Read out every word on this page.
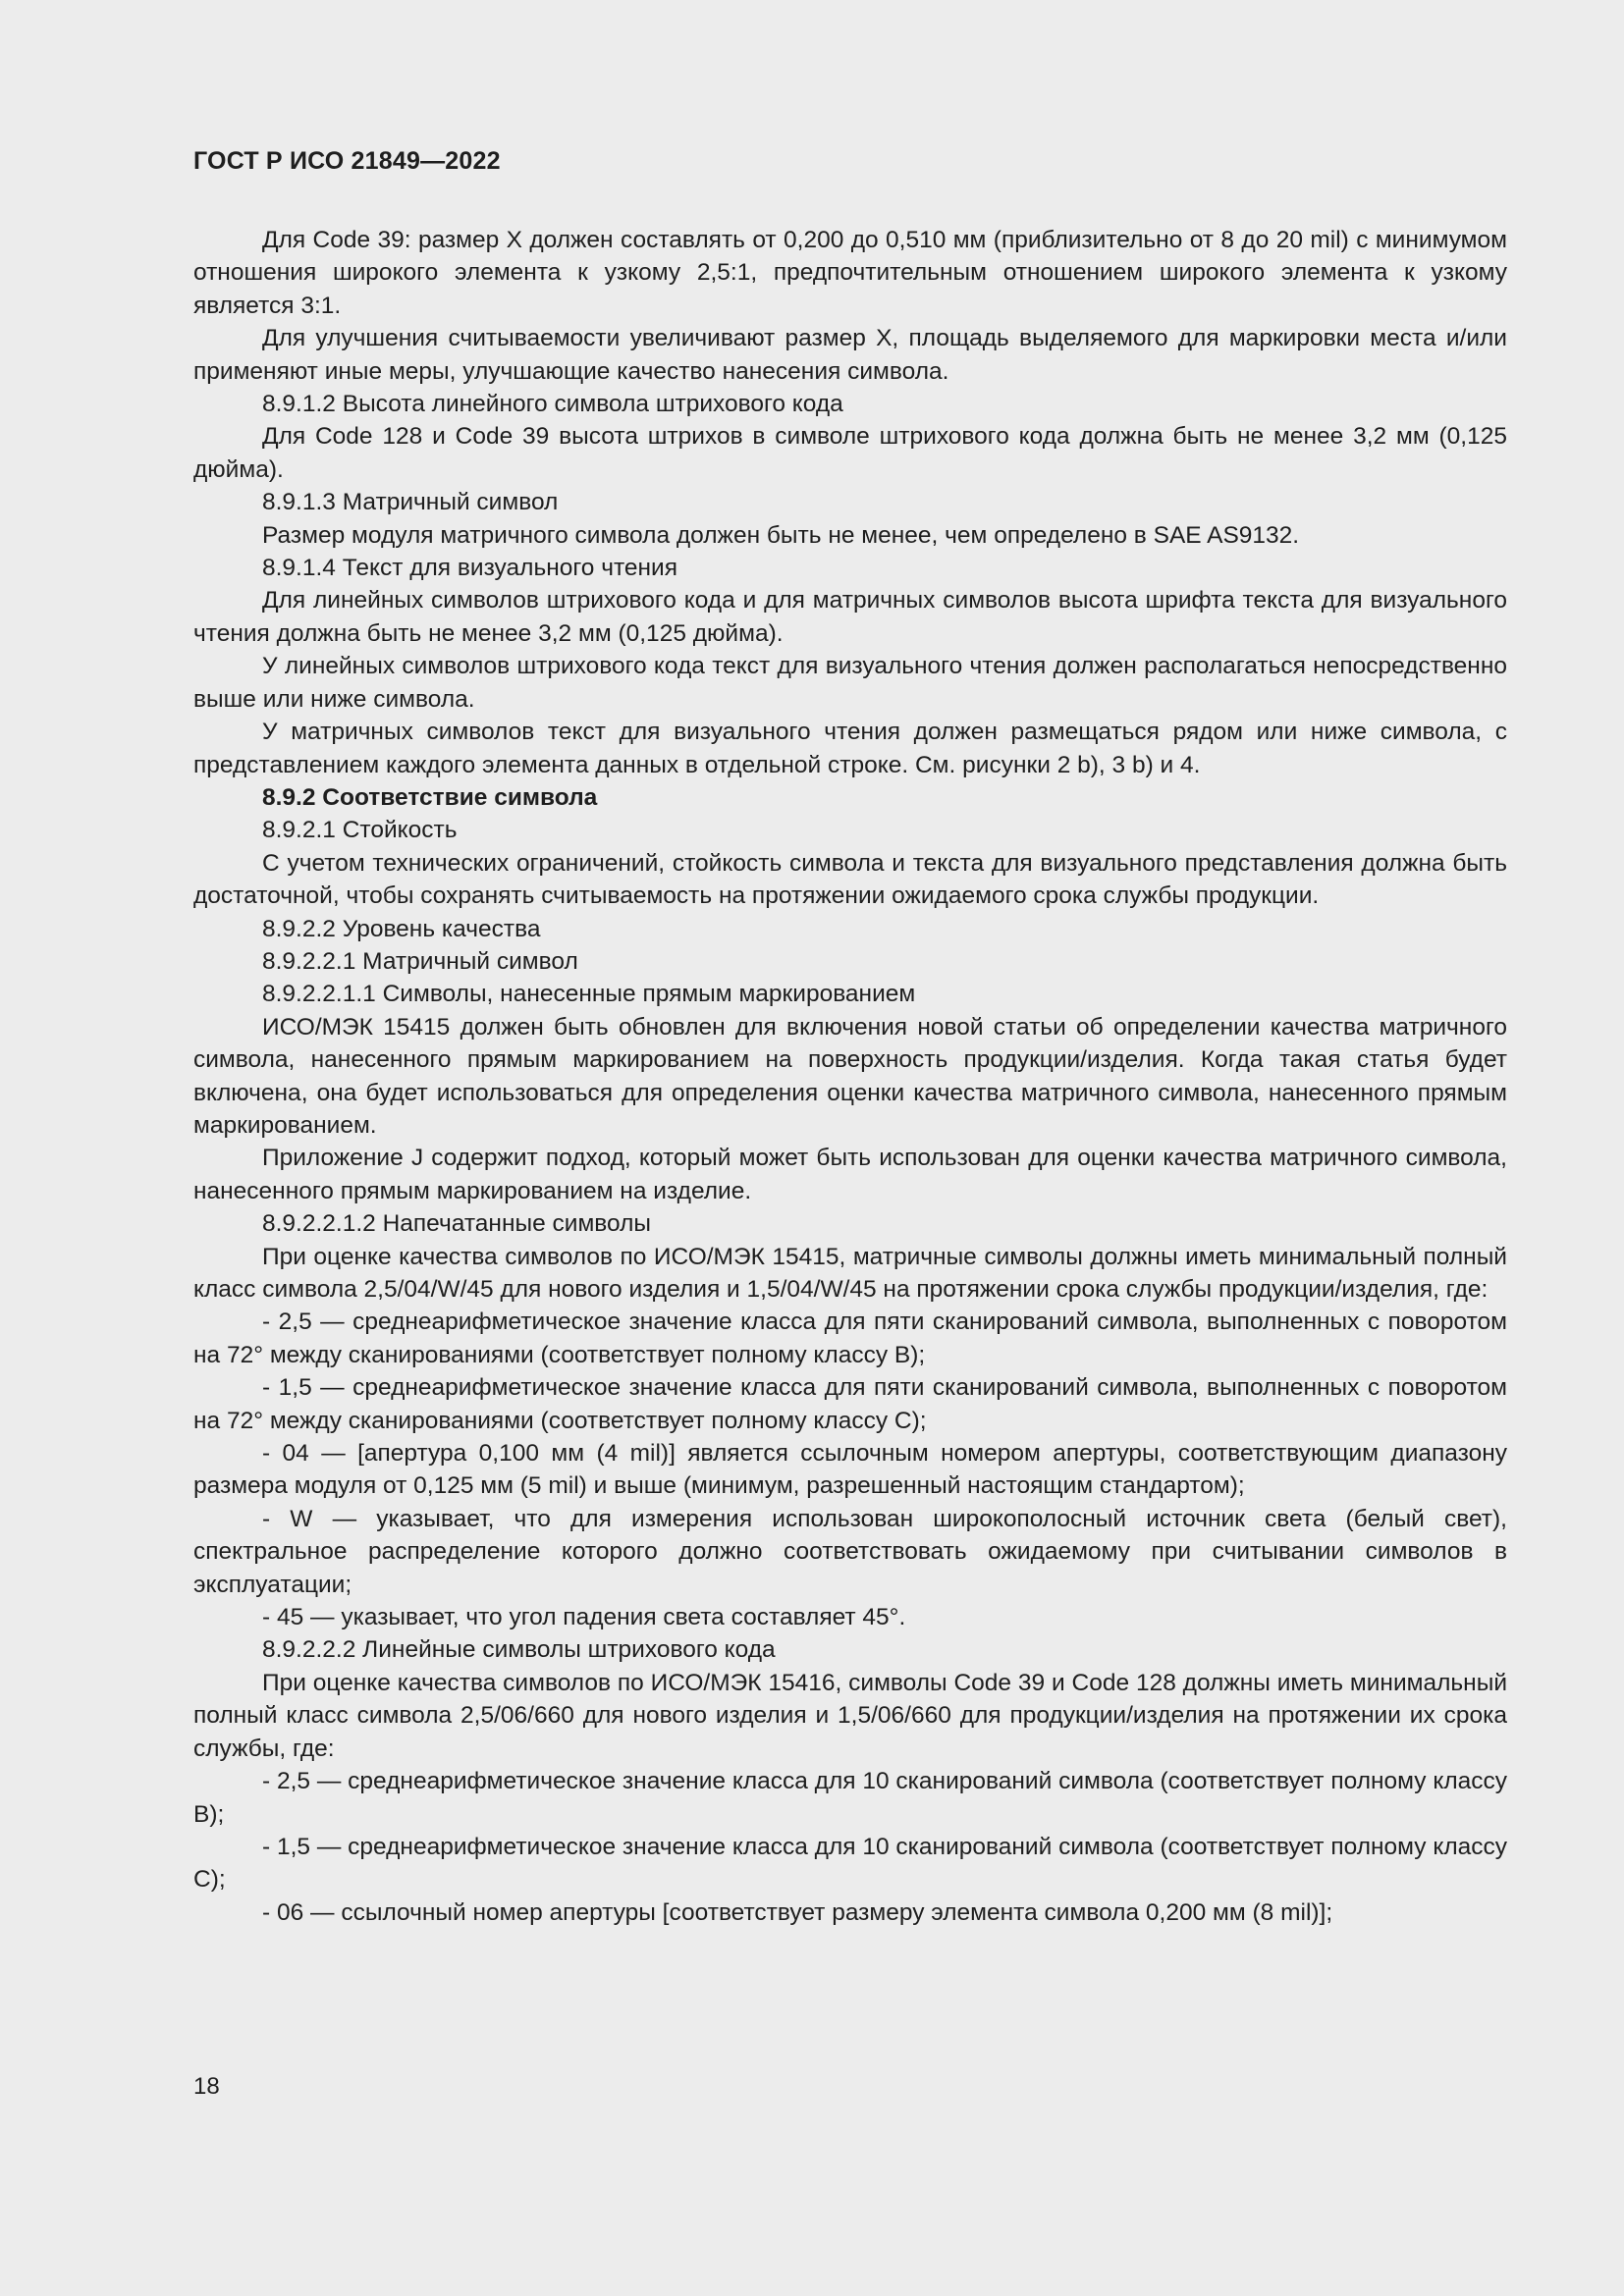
ГОСТ Р ИСО 21849—2022

Для Code 39: размер X должен составлять от 0,200 до 0,510 мм (приблизительно от 8 до 20 mil) с минимумом отношения широкого элемента к узкому 2,5:1, предпочтительным отношением широкого элемента к узкому является 3:1.

Для улучшения считываемости увеличивают размер X, площадь выделяемого для маркировки места и/или применяют иные меры, улучшающие качество нанесения символа.

8.9.1.2 Высота линейного символа штрихового кода

Для Code 128 и Code 39 высота штрихов в символе штрихового кода должна быть не менее 3,2 мм (0,125 дюйма).

8.9.1.3 Матричный символ

Размер модуля матричного символа должен быть не менее, чем определено в SAE AS9132.

8.9.1.4 Текст для визуального чтения

Для линейных символов штрихового кода и для матричных символов высота шрифта текста для визуального чтения должна быть не менее 3,2 мм (0,125 дюйма).

У линейных символов штрихового кода текст для визуального чтения должен располагаться непосредственно выше или ниже символа.

У матричных символов текст для визуального чтения должен размещаться рядом или ниже символа, с представлением каждого элемента данных в отдельной строке. См. рисунки 2 b), 3 b) и 4.

8.9.2 Соответствие символа

8.9.2.1 Стойкость

С учетом технических ограничений, стойкость символа и текста для визуального представления должна быть достаточной, чтобы сохранять считываемость на протяжении ожидаемого срока службы продукции.

8.9.2.2 Уровень качества

8.9.2.2.1 Матричный символ

8.9.2.2.1.1 Символы, нанесенные прямым маркированием

ИСО/МЭК 15415 должен быть обновлен для включения новой статьи об определении качества матричного символа, нанесенного прямым маркированием на поверхность продукции/изделия. Когда такая статья будет включена, она будет использоваться для определения оценки качества матричного символа, нанесенного прямым маркированием.

Приложение J содержит подход, который может быть использован для оценки качества матричного символа, нанесенного прямым маркированием на изделие.

8.9.2.2.1.2 Напечатанные символы

При оценке качества символов по ИСО/МЭК 15415, матричные символы должны иметь минимальный полный класс символа 2,5/04/W/45 для нового изделия и 1,5/04/W/45 на протяжении срока службы продукции/изделия, где:

- 2,5 — среднеарифметическое значение класса для пяти сканирований символа, выполненных с поворотом на 72° между сканированиями (соответствует полному классу B);

- 1,5 — среднеарифметическое значение класса для пяти сканирований символа, выполненных с поворотом на 72° между сканированиями (соответствует полному классу C);

- 04 — [апертура 0,100 мм (4 mil)] является ссылочным номером апертуры, соответствующим диапазону размера модуля от 0,125 мм (5 mil) и выше (минимум, разрешенный настоящим стандартом);

- W — указывает, что для измерения использован широкополосный источник света (белый свет), спектральное распределение которого должно соответствовать ожидаемому при считывании символов в эксплуатации;

- 45 — указывает, что угол падения света составляет 45°.

8.9.2.2.2 Линейные символы штрихового кода

При оценке качества символов по ИСО/МЭК 15416, символы Code 39 и Code 128 должны иметь минимальный полный класс символа 2,5/06/660 для нового изделия и 1,5/06/660 для продукции/изделия на протяжении их срока службы, где:

- 2,5 — среднеарифметическое значение класса для 10 сканирований символа (соответствует полному классу B);

- 1,5 — среднеарифметическое значение класса для 10 сканирований символа (соответствует полному классу C);

- 06 — ссылочный номер апертуры [соответствует размеру элемента символа 0,200 мм (8 mil)];

18
